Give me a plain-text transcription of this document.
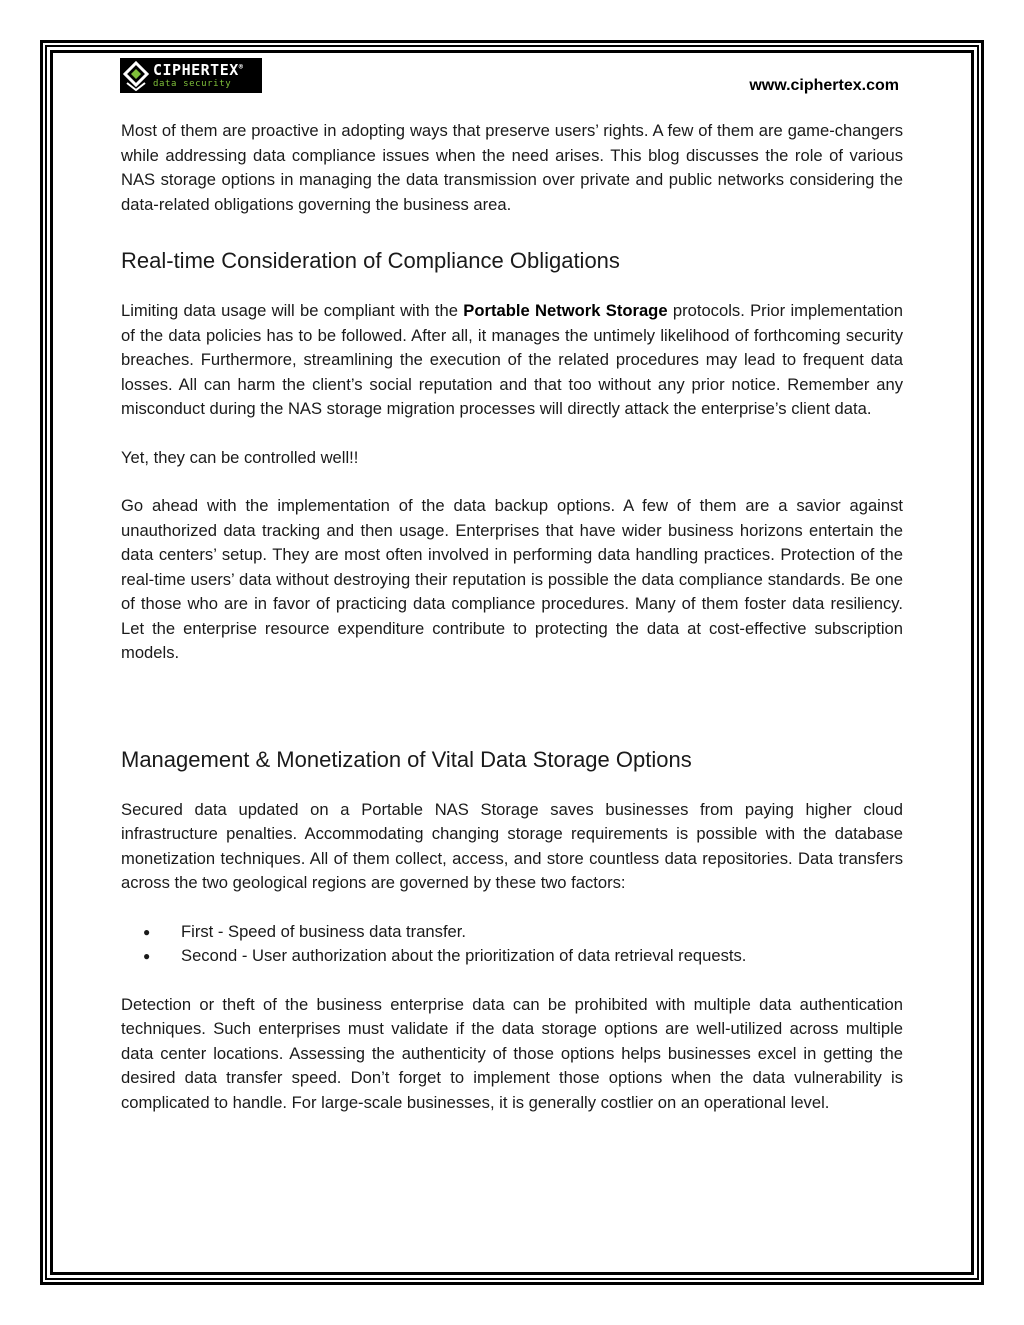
CIPHERTEX®
data security	www.ciphertex.com

Most of them are proactive in adopting ways that preserve users’ rights. A few of them are game-changers while addressing data compliance issues when the need arises. This blog discusses the role of various NAS storage options in managing the data transmission over private and public networks considering the data-related obligations governing the business area.

Real-time Consideration of Compliance Obligations

Limiting data usage will be compliant with the Portable Network Storage protocols. Prior implementation of the data policies has to be followed. After all, it manages the untimely likelihood of forthcoming security breaches. Furthermore, streamlining the execution of the related procedures may lead to frequent data losses. All can harm the client’s social reputation and that too without any prior notice. Remember any misconduct during the NAS storage migration processes will directly attack the enterprise’s client data.

Yet, they can be controlled well!!

Go ahead with the implementation of the data backup options. A few of them are a savior against unauthorized data tracking and then usage. Enterprises that have wider business horizons entertain the data centers’ setup. They are most often involved in performing data handling practices. Protection of the real-time users’ data without destroying their reputation is possible the data compliance standards. Be one of those who are in favor of practicing data compliance procedures. Many of them foster data resiliency. Let the enterprise resource expenditure contribute to protecting the data at cost-effective subscription models.

Management & Monetization of Vital Data Storage Options

Secured data updated on a Portable NAS Storage saves businesses from paying higher cloud infrastructure penalties. Accommodating changing storage requirements is possible with the database monetization techniques. All of them collect, access, and store countless data repositories. Data transfers across the two geological regions are governed by these two factors:

● First - Speed of business data transfer.
● Second - User authorization about the prioritization of data retrieval requests.

Detection or theft of the business enterprise data can be prohibited with multiple data authentication techniques. Such enterprises must validate if the data storage options are well-utilized across multiple data center locations. Assessing the authenticity of those options helps businesses excel in getting the desired data transfer speed. Don’t forget to implement those options when the data vulnerability is complicated to handle. For large-scale businesses, it is generally costlier on an operational level.
